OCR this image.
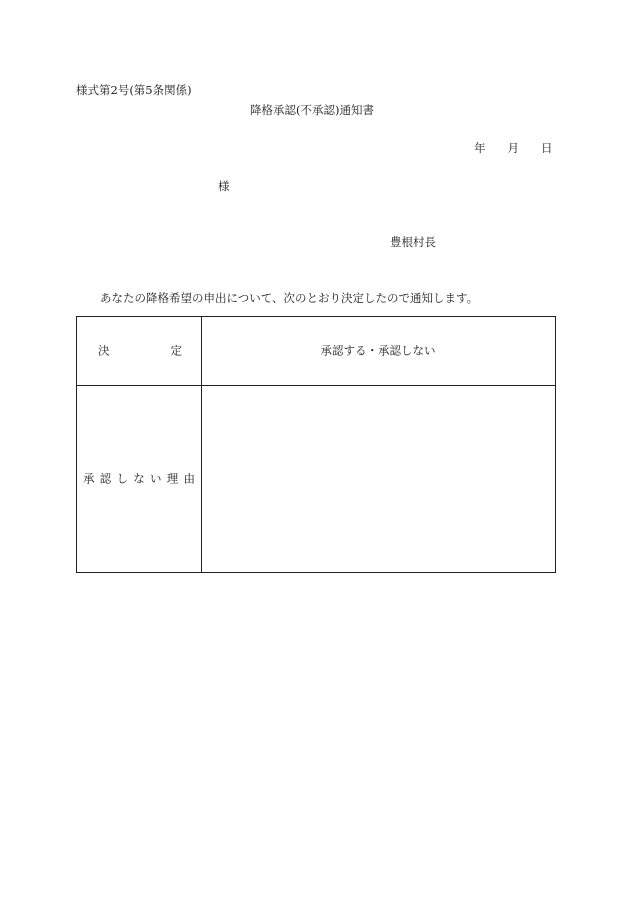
様式第2号(第5条関係)
降格承認(不承認)通知書
年 月 日
様
豊根村長
あなたの降格希望の申出について、次のとおり決定したので通知します。
決	定	承認する・承認しない
承 認 し な い 理 由
